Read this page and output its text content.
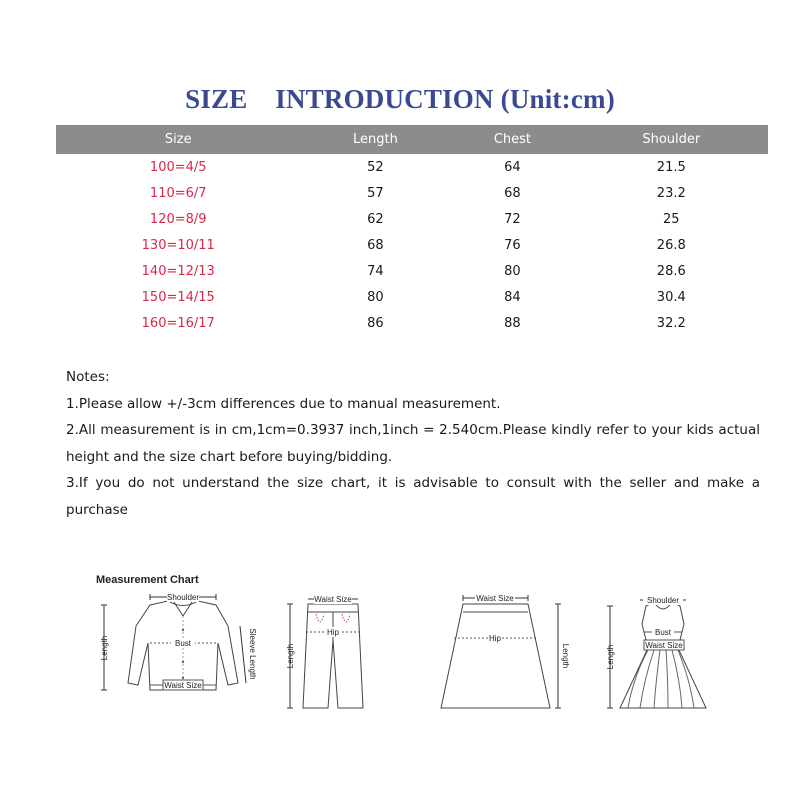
SIZE    INTRODUCTION (Unit:cm)
Size	Length	Chest	Shoulder
100=4/5	52	64	21.5
110=6/7	57	68	23.2
120=8/9	62	72	25
130=10/11	68	76	26.8
140=12/13	74	80	28.6
150=14/15	80	84	30.4
160=16/17	86	88	32.2

Notes:

1.Please allow +/-3cm differences due to manual measurement.

2.All measurement is in cm,1cm=0.3937 inch,1inch = 2.540cm.Please kindly refer to your kids actual height and the size chart before buying/bidding.

3.If you do not understand the size chart, it is advisable to consult with the seller and make a purchase

Measurement Chart
Shoulder
Bust
Waist Size
Length	Sleeve Length
Waist Size
Hip
Length
Waist Size
Hip
Length
Shoulder
Bust
Waist Size
Length
